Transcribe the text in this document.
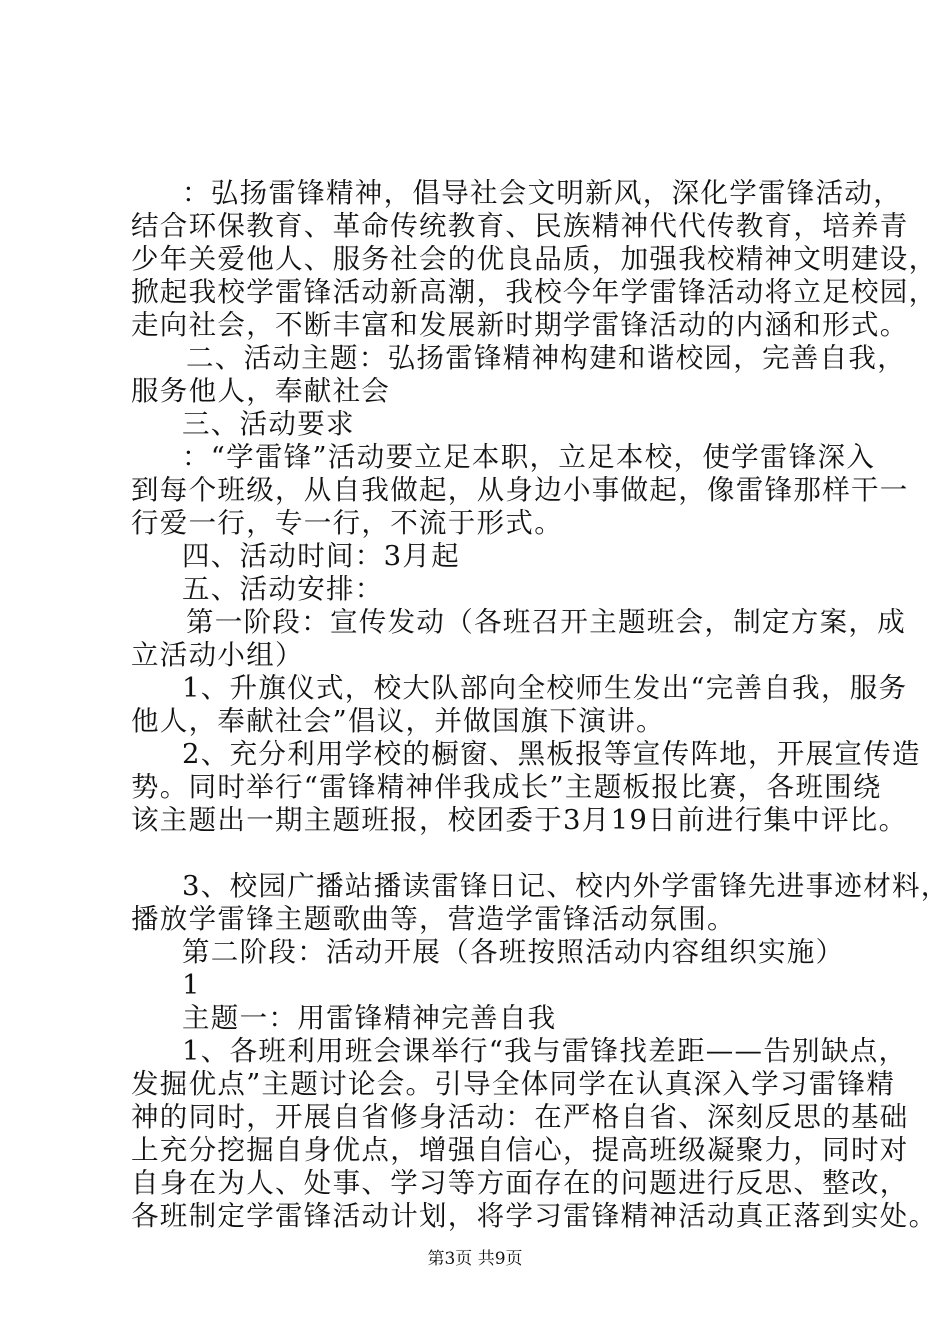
：弘扬雷锋精神，倡导社会文明新风，深化学雷锋活动，
结合环保教育、革命传统教育、民族精神代代传教育，培养青
少年关爱他人、服务社会的优良品质，加强我校精神文明建设，
掀起我校学雷锋活动新高潮，我校今年学雷锋活动将立足校园，
走向社会，不断丰富和发展新时期学雷锋活动的内涵和形式。
二、活动主题：弘扬雷锋精神构建和谐校园，完善自我，
服务他人，奉献社会
三、活动要求
：“学雷锋”活动要立足本职，立足本校，使学雷锋深入
到每个班级，从自我做起，从身边小事做起，像雷锋那样干一
行爱一行，专一行，不流于形式。
四、活动时间：3月起
五、活动安排：
第一阶段：宣传发动（各班召开主题班会，制定方案，成
立活动小组）
1、升旗仪式，校大队部向全校师生发出“完善自我，服务
他人，奉献社会”倡议，并做国旗下演讲。
2、充分利用学校的橱窗、黑板报等宣传阵地，开展宣传造
势。同时举行“雷锋精神伴我成长”主题板报比赛，各班围绕
该主题出一期主题班报，校团委于3月19日前进行集中评比。
3、校园广播站播读雷锋日记、校内外学雷锋先进事迹材料，
播放学雷锋主题歌曲等，营造学雷锋活动氛围。
第二阶段：活动开展（各班按照活动内容组织实施）
1
主题一：用雷锋精神完善自我
1、各班利用班会课举行“我与雷锋找差距——告别缺点，
发掘优点”主题讨论会。引导全体同学在认真深入学习雷锋精
神的同时，开展自省修身活动：在严格自省、深刻反思的基础
上充分挖掘自身优点，增强自信心，提高班级凝聚力，同时对
自身在为人、处事、学习等方面存在的问题进行反思、整改，
各班制定学雷锋活动计划，将学习雷锋精神活动真正落到实处。
第3页 共9页
